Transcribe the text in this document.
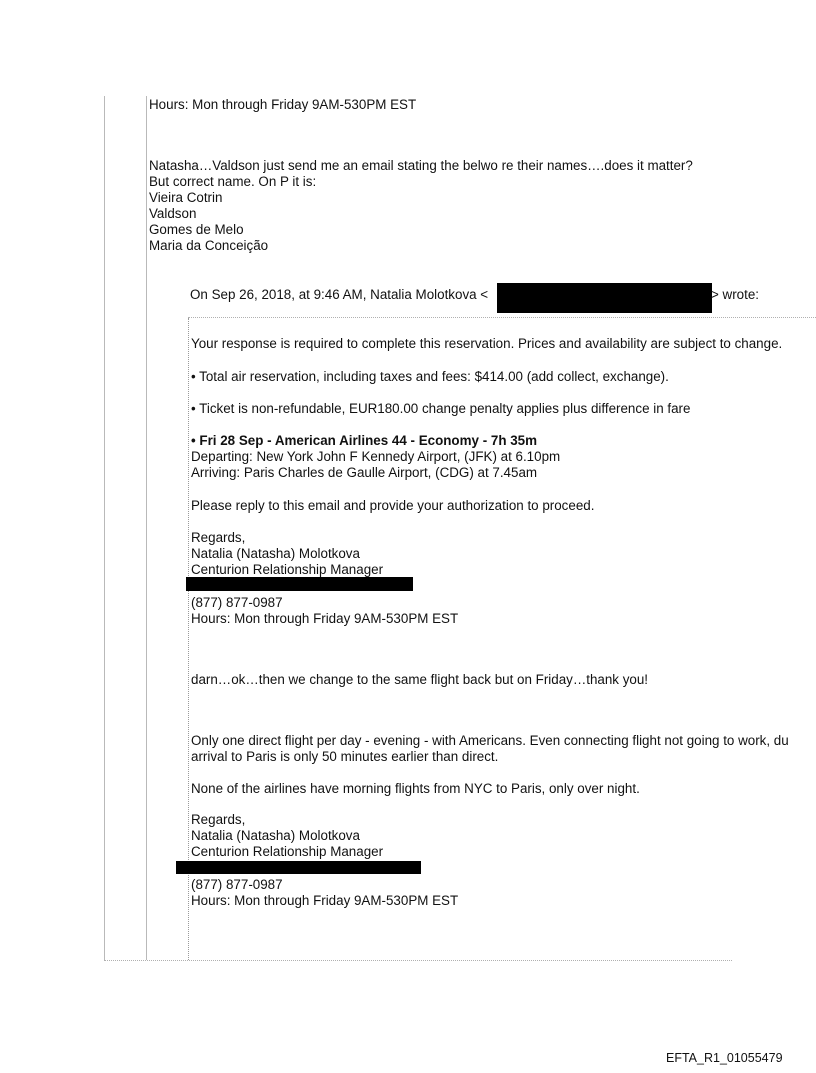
Hours: Mon through Friday 9AM-530PM EST
Natasha…Valdson just send me an email stating the belwo re their names….does it matter?
But correct name. On P it is:
Vieira Cotrin
Valdson
Gomes de Melo
Maria da Conceição
On Sep 26, 2018, at 9:46 AM, Natalia Molotkova <	> wrote:
Your response is required to complete this reservation. Prices and availability are subject to change.
• Total air reservation, including taxes and fees: $414.00 (add collect, exchange).
• Ticket is non-refundable, EUR180.00 change penalty applies plus difference in fare
• Fri 28 Sep - American Airlines 44 - Economy - 7h 35m
Departing: New York John F Kennedy Airport, (JFK) at 6.10pm
Arriving: Paris Charles de Gaulle Airport, (CDG) at 7.45am
Please reply to this email and provide your authorization to proceed.
Regards,
Natalia (Natasha) Molotkova
Centurion Relationship Manager
(877) 877-0987
Hours: Mon through Friday 9AM-530PM EST
darn…ok…then we change to the same flight back but on Friday…thank you!
Only one direct flight per day - evening - with Americans. Even connecting flight not going to work, du
arrival to Paris is only 50 minutes earlier than direct.
None of the airlines have morning flights from NYC to Paris, only over night.
Regards,
Natalia (Natasha) Molotkova
Centurion Relationship Manager
(877) 877-0987
Hours: Mon through Friday 9AM-530PM EST
EFTA_R1_01055479
